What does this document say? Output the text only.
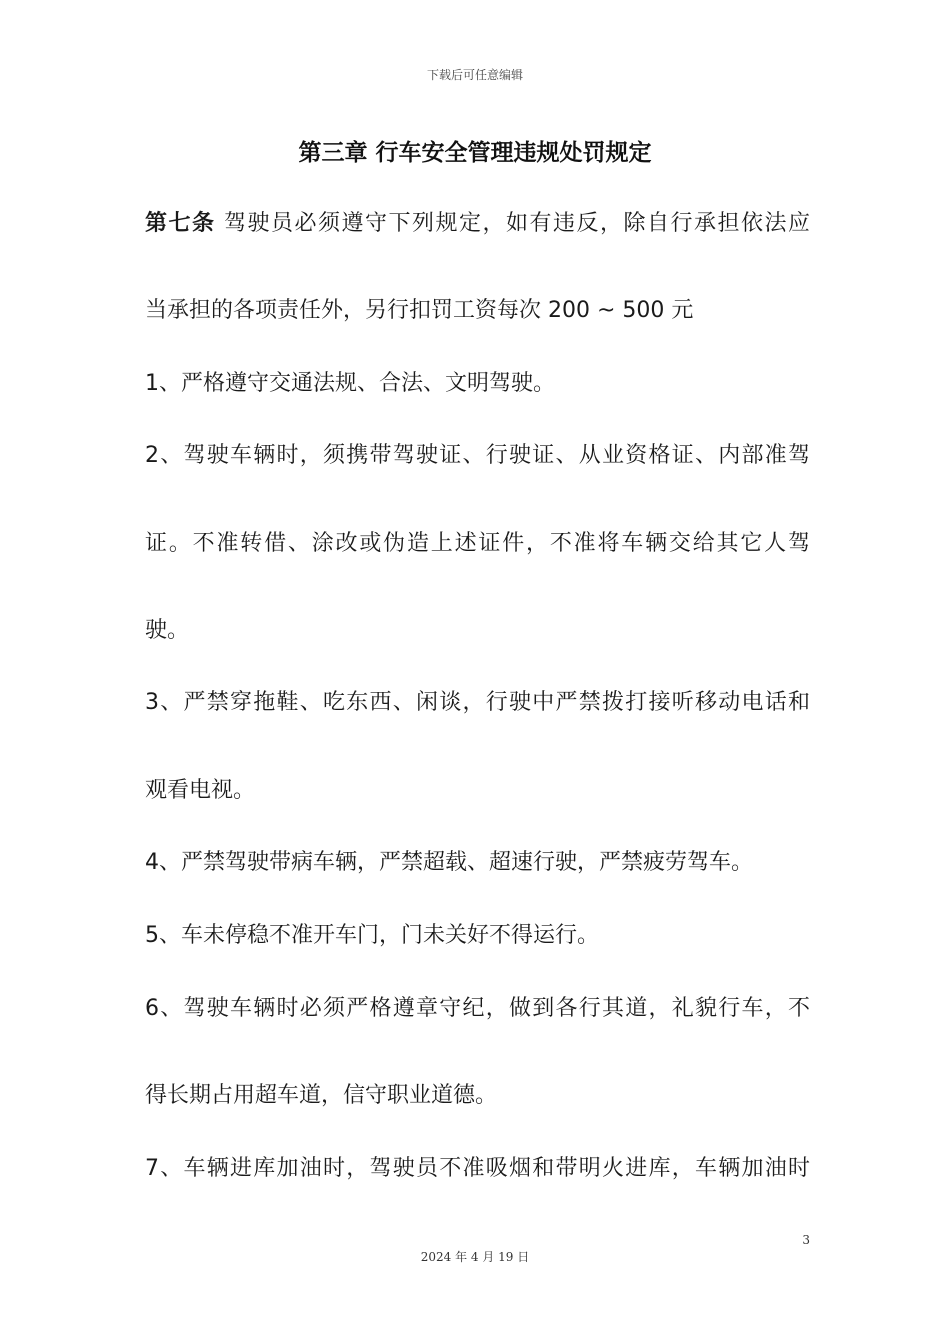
下载后可任意编辑
第三章 行车安全管理违规处罚规定
第七条 驾驶员必须遵守下列规定，如有违反，除自行承担依法应
当承担的各项责任外，另行扣罚工资每次 200 ~ 500 元
1、严格遵守交通法规、合法、文明驾驶。
2、驾驶车辆时，须携带驾驶证、行驶证、从业资格证、内部准驾
证。不准转借、涂改或伪造上述证件，不准将车辆交给其它人驾
驶。
3、严禁穿拖鞋、吃东西、闲谈，行驶中严禁拨打接听移动电话和
观看电视。
4、严禁驾驶带病车辆，严禁超载、超速行驶，严禁疲劳驾车。
5、车未停稳不准开车门，门未关好不得运行。
6、驾驶车辆时必须严格遵章守纪，做到各行其道，礼貌行车，不
得长期占用超车道，信守职业道德。
7、车辆进库加油时，驾驶员不准吸烟和带明火进库，车辆加油时
3
2024 年 4 月 19 日
